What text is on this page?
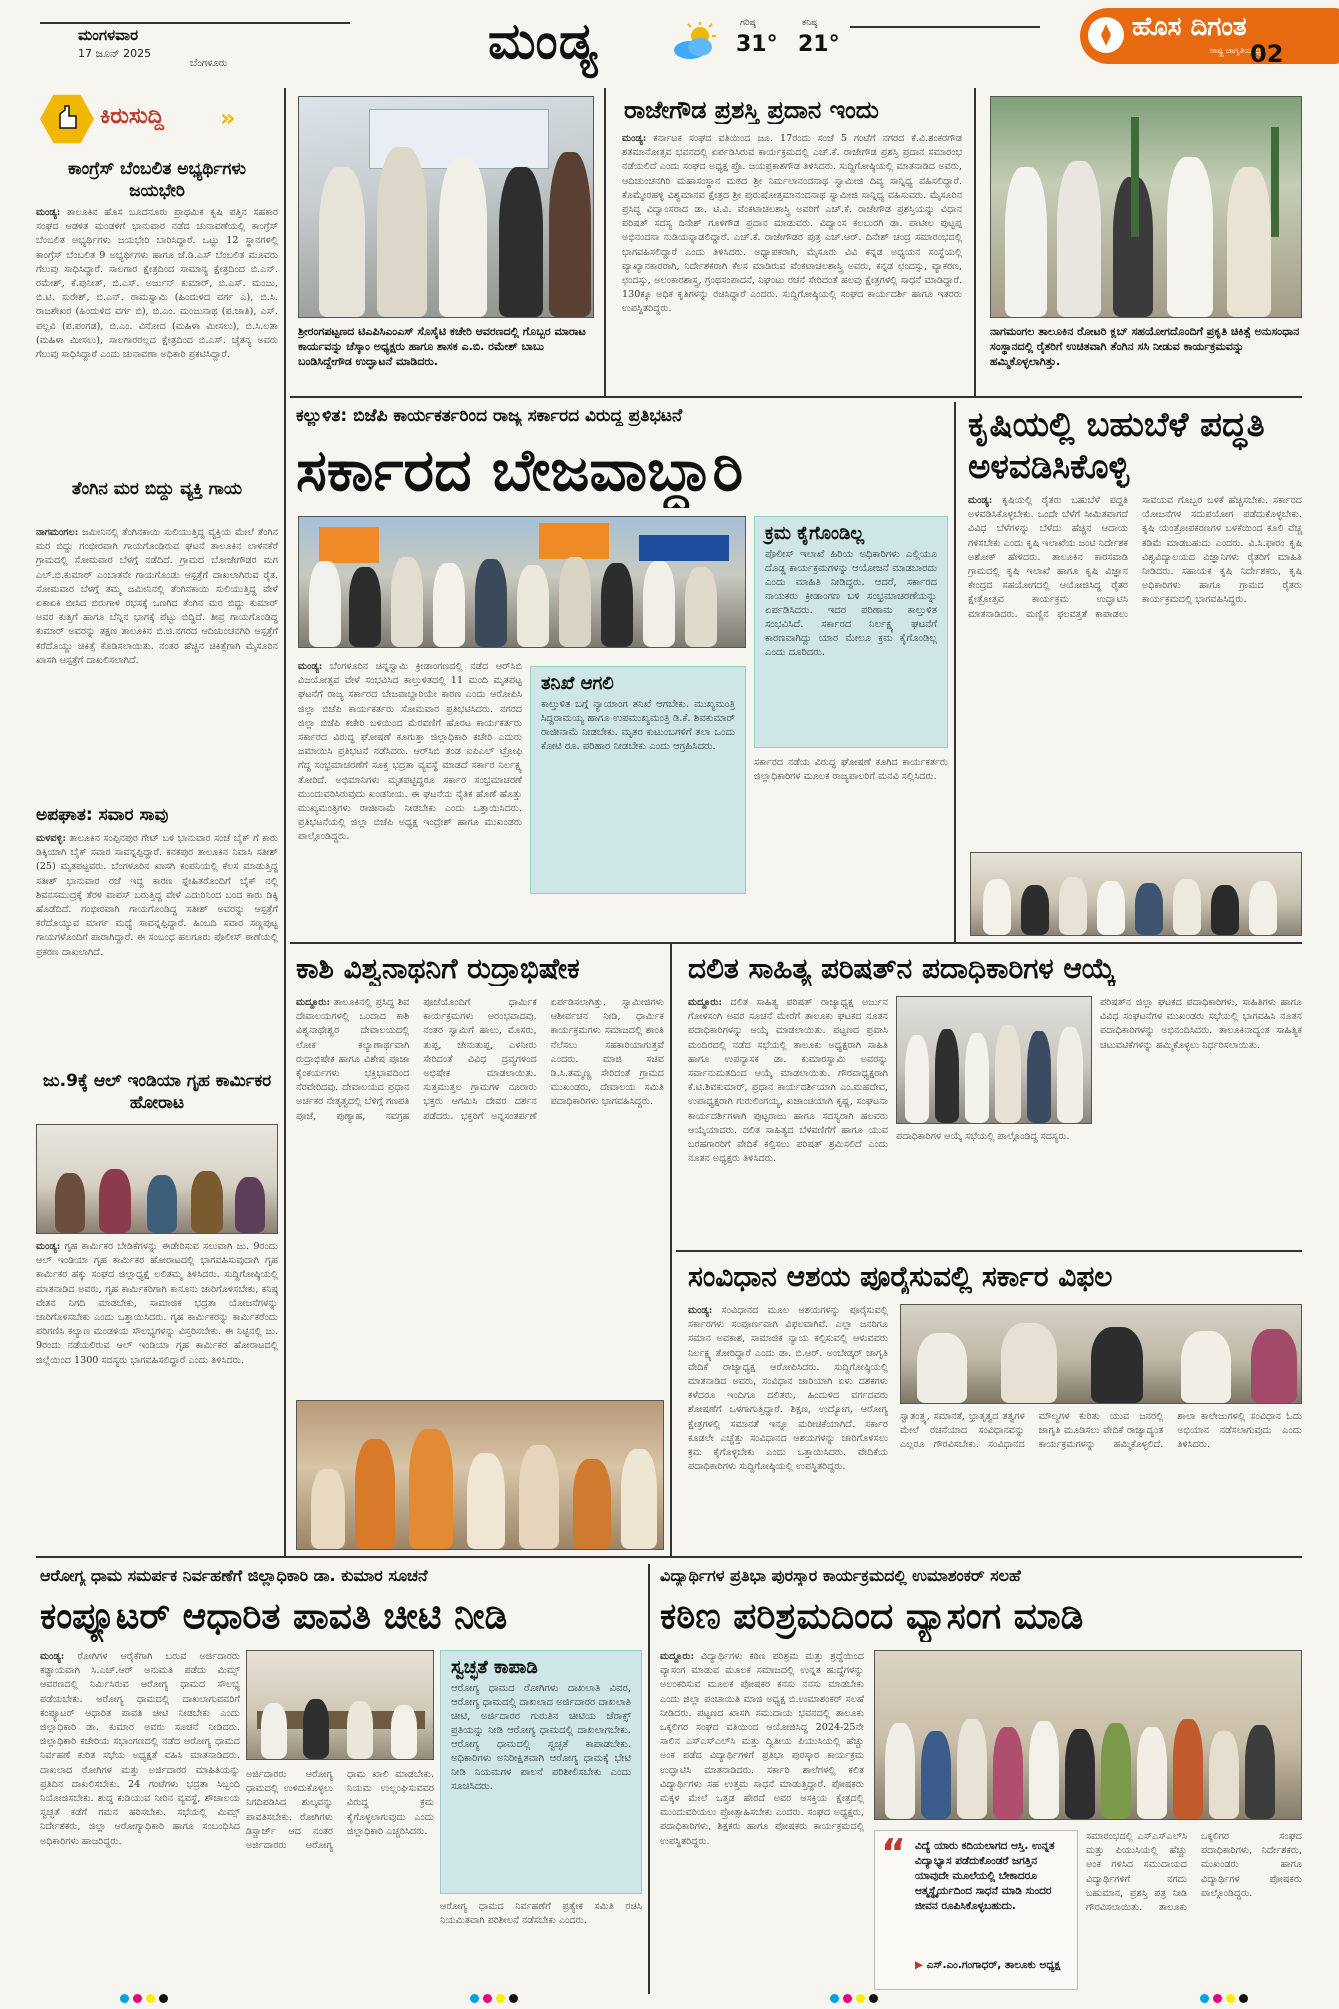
ಮಂಗಳವಾರ
17 ಜೂನ್ 2025
ಬೆಂಗಳೂರು	ಮಂಡ್ಯ	ಗರಿಷ್ಠ
31°
ಕನಿಷ್ಠ
21°
ಹೊಸ ದಿಗಂತ
ರಾಷ್ಟ್ರ ಜಾಗೃತಿಯ ಧ್ವನಿ
02
ಕಿರುಸುದ್ದಿ »
ಕಾಂಗ್ರೆಸ್ ಬೆಂಬಲಿತ ಅಭ್ಯರ್ಥಿಗಳು ಜಯಭೇರಿ
ಮಂಡ್ಯ: ತಾಲೂಕಿನ ಹೊಸ ಬೂದನೂರು ಪ್ರಾಥಮಿಕ ಕೃಷಿ ಪತ್ತಿನ ಸಹಕಾರ ಸಂಘದ ಆಡಳಿತ ಮಂಡಳಿಗೆ ಭಾನುವಾರ ನಡೆದ ಚುನಾವಣೆಯಲ್ಲಿ ಕಾಂಗ್ರೆಸ್ ಬೆಂಬಲಿತ ಅಭ್ಯರ್ಥಿಗಳು ಜಯಭೇರಿ ಬಾರಿಸಿದ್ದಾರೆ. ಒಟ್ಟು 12 ಸ್ಥಾನಗಳಲ್ಲಿ ಕಾಂಗ್ರೆಸ್ ಬೆಂಬಲಿತ 9 ಅಭ್ಯರ್ಥಿಗಳು ಹಾಗೂ ಜೆ.ಡಿ.ಎಸ್ ಬೆಂಬಲಿತ ಮೂವರು ಗೆಲುವು ಸಾಧಿಸಿದ್ದಾರೆ. ಸಾಲಗಾರ ಕ್ಷೇತ್ರದಿಂದ ಸಾಮಾನ್ಯ ಕ್ಷೇತ್ರದಿಂದ ಬಿ.ಎನ್. ರಮೇಶ್, ಕೆ.ಪುನೀತ್, ಬಿ.ಎಸ್. ಅರ್ಜುನ್ ಕುಮಾರ್, ಬಿ.ಎಸ್. ಮಂಜು, ಬಿ.ಟಿ. ಸುರೇಶ್, ಬಿ.ಎನ್. ರಾಮಸ್ವಾಮಿ (ಹಿಂದುಳಿದ ವರ್ಗ ಎ), ಬಿ.ಸಿ. ರಾಜಶೇಖರ (ಹಿಂದುಳಿದ ವರ್ಗ ಬಿ), ಬಿ.ಎಂ. ಮಂಜುನಾಥ (ಪ.ಜಾತಿ), ಎಸ್. ಪಲ್ಲವಿ (ಪ.ಪಂಗಡ), ಬಿ.ಎಂ. ವಿನೋದ (ಮಹಿಳಾ ಮೀಸಲು), ಬಿ.ಸಿ.ಲತಾ (ಮಹಿಳಾ ಮೀಸಲು), ಸಾಲಗಾರರಲ್ಲದ ಕ್ಷೇತ್ರದಿಂದ ಬಿ.ಎಸ್. ಚೈತನ್ಯ ಅವರು ಗೆಲುವು ಸಾಧಿಸಿದ್ದಾರೆ ಎಂದು ಚುನಾವಣಾ ಅಧಿಕಾರಿ ಪ್ರಕಟಿಸಿದ್ದಾರೆ.
ತೆಂಗಿನ ಮರ ಬಿದ್ದು ವ್ಯಕ್ತಿ ಗಾಯ
ನಾಗಮಂಗಲ: ಜಮೀನಿನಲ್ಲಿ ತೆಂಗಿನಕಾಯಿ ಸುಲಿಯುತ್ತಿದ್ದ ವ್ಯಕ್ತಿಯ ಮೇಲೆ ತೆಂಗಿನ ಮರ ಬಿದ್ದು ಗಂಭೀರವಾಗಿ ಗಾಯಗೊಂಡಿರುವ ಘಟನೆ ತಾಲೂಕಿನ ಲಾಳನಕೆರೆ ಗ್ರಾಮದಲ್ಲಿ ಸೋಮವಾರ ಬೆಳಗ್ಗೆ ನಡೆದಿದೆ. ಗ್ರಾಮದ ಬೋಜೇಗೌಡರ ಮಗ ಎಲ್.ಬಿ.ಕುಮಾರ್ ಎಂಬಾತನೇ ಗಾಯಗೊಂಡು ಆಸ್ಪತ್ರೆಗೆ ದಾಖಲಾಗಿರುವ ರೈತ. ಸೋಮವಾರ ಬೆಳಗ್ಗೆ ತಮ್ಮ ಜಮೀನಿನಲ್ಲಿ ತೆಂಗಿನಕಾಯಿ ಸುಲಿಯುತ್ತಿದ್ದ ವೇಳೆ ಏಕಾಏಕಿ ಬೀಸಿದ ಬಿರುಗಾಳಿ ರಭಸಕ್ಕೆ ಒಣಗಿದ ತೆಂಗಿನ ಮರ ಬಿದ್ದು ಕುಮಾರ್ ಅವರ ಕುತ್ತಿಗೆ ಹಾಗೂ ಬೆನ್ನಿನ ಭಾಗಕ್ಕೆ ಪೆಟ್ಟು ಬಿದ್ದಿದೆ. ತೀವ್ರ ಗಾಯಗೊಂಡಿದ್ದ ಕುಮಾರ್ ಅವರನ್ನು ತಕ್ಷಣ ತಾಲೂಕಿನ ಬಿ.ಜಿ.ನಗರದ ಆದಿಚುಂಚನಗಿರಿ ಆಸ್ಪತ್ರೆಗೆ ಕರೆದೊಯ್ದು ಚಿಕಿತ್ಸೆ ಕೊಡಿಸಲಾಯಿತು. ನಂತರ ಹೆಚ್ಚಿನ ಚಿಕಿತ್ಸೆಗಾಗಿ ಮೈಸೂರಿನ ಖಾಸಗಿ ಆಸ್ಪತ್ರೆಗೆ ದಾಖಲಿಸಲಾಗಿದೆ.
ಅಪಘಾತ: ಸವಾರ ಸಾವು
ಮಳವಳ್ಳಿ: ತಾಲೂಕಿನ ಸಂಪ್ಪಿನಪುರ ಗೇಟ್ ಬಳಿ ಭಾನುವಾರ ಸಂಜೆ ಬೈಕ್ ಗೆ ಕಾರು ಡಿಕ್ಕಿಯಾಗಿ ಬೈಕ್ ಸವಾರ ಸಾವನ್ನಪ್ಪಿದ್ದಾರೆ. ಕನಕಪುರ ತಾಲೂಕಿನ ನಿವಾಸಿ ಸತೀಶ್ (25) ಮೃತಪಟ್ಟವರು. ಬೆಂಗಳೂರಿನ ಖಾಸಗಿ ಕಂಪನಿಯಲ್ಲಿ ಕೆಲಸ ಮಾಡುತ್ತಿದ್ದ ಸತೀಶ್ ಭಾನುವಾರ ರಜೆ ಇದ್ದ ಕಾರಣ ಸ್ನೇಹಿತರೊಂದಿಗೆ ಬೈಕ್ ನಲ್ಲಿ ಶಿವನಸಮುದ್ರಕ್ಕೆ ತೆರಳಿ ವಾಪಸ್ ಬರುತ್ತಿದ್ದ ವೇಳೆ ಎದುರಿನಿಂದ ಬಂದ ಕಾರು ಡಿಕ್ಕಿ ಹೊಡೆದಿದೆ. ಗಂಭೀರವಾಗಿ ಗಾಯಗೊಂಡಿದ್ದ ಸತೀಶ್ ಅವರನ್ನು ಆಸ್ಪತ್ರೆಗೆ ಕರೆದೊಯ್ಯುವ ಮಾರ್ಗ ಮಧ್ಯೆ ಸಾವನ್ನಪ್ಪಿದ್ದಾರೆ. ಹಿಂಬದಿ ಸವಾರ ಸಣ್ಣಪುಟ್ಟ ಗಾಯಗಳೊಂದಿಗೆ ಪಾರಾಗಿದ್ದಾರೆ. ಈ ಸಂಬಂಧ ಹಲಗೂರು ಪೊಲೀಸ್ ಠಾಣೆಯಲ್ಲಿ ಪ್ರಕರಣ ದಾಖಲಾಗಿದೆ.
ಜು.9ಕ್ಕೆ ಆಲ್ ಇಂಡಿಯಾ ಗೃಹ ಕಾರ್ಮಿಕರ ಹೋರಾಟ
ಮಂಡ್ಯ: ಗೃಹ ಕಾರ್ಮಿಕರ ಬೇಡಿಕೆಗಳನ್ನು ಈಡೇರಿಸುವ ಸಲುವಾಗಿ ಜು. 9ರಂದು ಆಲ್ ಇಂಡಿಯಾ ಗೃಹ ಕಾರ್ಮಿಕರ ಹೋರಾಟದಲ್ಲಿ ಭಾಗವಹಿಸುವುದಾಗಿ ಗೃಹ ಕಾರ್ಮಿಕರ ಹಕ್ಕು ಸಂಘದ ಜಿಲ್ಲಾಧ್ಯಕ್ಷೆ ಲಲಿತಮ್ಮ ತಿಳಿಸಿದರು. ಸುದ್ದಿಗೋಷ್ಠಿಯಲ್ಲಿ ಮಾತನಾಡಿದ ಅವರು, ಗೃಹ ಕಾರ್ಮಿಕರಿಗಾಗಿ ಕಾನೂನು ಜಾರಿಗೊಳಿಸಬೇಕು, ಕನಿಷ್ಠ ವೇತನ ನಿಗದಿ ಮಾಡಬೇಕು, ಸಾಮಾಜಿಕ ಭದ್ರತಾ ಯೋಜನೆಗಳನ್ನು ಜಾರಿಗೊಳಿಸಬೇಕು ಎಂದು ಒತ್ತಾಯಿಸಿದರು. ಗೃಹ ಕಾರ್ಮಿಕರನ್ನು ಕಾರ್ಮಿಕರೆಂದು ಪರಿಗಣಿಸಿ ಕಲ್ಯಾಣ ಮಂಡಳಿಯ ಸೌಲಭ್ಯಗಳನ್ನು ವಿಸ್ತರಿಸಬೇಕು. ಈ ನಿಟ್ಟಿನಲ್ಲಿ ಜು. 9ರಂದು ನಡೆಯಲಿರುವ ಆಲ್ ಇಂಡಿಯಾ ಗೃಹ ಕಾರ್ಮಿಕರ ಹೋರಾಟದಲ್ಲಿ ಜಿಲ್ಲೆಯಿಂದ 1300 ಸದಸ್ಯರು ಭಾಗವಹಿಸಲಿದ್ದಾರೆ ಎಂದು ತಿಳಿಸಿದರು.
ಶ್ರೀರಂಗಪಟ್ಟಣದ ಟಿಎಪಿಸಿಎಂಎಸ್ ಸೊಸೈಟಿ ಕಚೇರಿ ಆವರಣದಲ್ಲಿ ಗೊಬ್ಬರ ಮಾರಾಟ ಕಾರ್ಯವನ್ನು ಚೆಸ್ಕಾಂ ಅಧ್ಯಕ್ಷರು ಹಾಗೂ ಶಾಸಕ ಎ.ಬಿ. ರಮೇಶ್ ಬಾಬು ಬಂಡಿಸಿದ್ದೇಗೌಡ ಉದ್ಘಾಟನೆ ಮಾಡಿದರು.
ರಾಜೇಗೌಡ ಪ್ರಶಸ್ತಿ ಪ್ರದಾನ ಇಂದು
ಮಂಡ್ಯ: ಕರ್ನಾಟಕ ಸಂಘದ ವತಿಯಿಂದ ಜೂ. 17ರಂದು ಸಂಜೆ 5 ಗಂಟೆಗೆ ನಗರದ ಕೆ.ವಿ.ಶಂಕರಗೌಡ ಶತಮಾನೋತ್ಸವ ಭವನದಲ್ಲಿ ಏರ್ಪಡಿಸಿರುವ ಕಾರ್ಯಕ್ರಮದಲ್ಲಿ ಎಚ್.ಕೆ. ರಾಜೇಗೌಡ ಪ್ರಶಸ್ತಿ ಪ್ರದಾನ ಸಮಾರಂಭ ನಡೆಯಲಿದೆ ಎಂದು ಸಂಘದ ಅಧ್ಯಕ್ಷ ಪ್ರೊ. ಜಯಪ್ರಕಾಶಗೌಡ ತಿಳಿಸಿದರು. ಸುದ್ದಿಗೋಷ್ಠಿಯಲ್ಲಿ ಮಾತನಾಡಿದ ಅವರು, ಆದಿಚುಂಚನಗಿರಿ ಮಹಾಸಂಸ್ಥಾನ ಮಠದ ಶ್ರೀ ನಿರ್ಮಲಾನಂದನಾಥ ಸ್ವಾಮೀಜಿ ದಿವ್ಯ ಸಾನ್ನಿಧ್ಯ ವಹಿಸಲಿದ್ದಾರೆ. ಕೊಮ್ಮೇರಹಳ್ಳಿ ವಿಶ್ವಮಾನವ ಕ್ಷೇತ್ರದ ಶ್ರೀ ಪುರುಷೋತ್ತಮಾನಂದನಾಥ ಸ್ವಾಮೀಜಿ ಸಾನ್ನಿಧ್ಯ ವಹಿಸುವರು. ಮೈಸೂರಿನ ಪ್ರಸಿದ್ಧ ವಿದ್ವಾಂಸರಾದ ಡಾ. ಟಿ.ವಿ. ವೆಂಕಟಾಚಲಶಾಸ್ತ್ರಿ ಅವರಿಗೆ ಎಚ್.ಕೆ. ರಾಜೇಗೌಡ ಪ್ರಶಸ್ತಿಯನ್ನು ವಿಧಾನ ಪರಿಷತ್ ಸದಸ್ಯ ದಿನೇಶ್ ಗೂಳಿಗೌಡ ಪ್ರದಾನ ಮಾಡುವರು. ವಿದ್ವಾಂಸ ಕಲಬುರಗಿ ಡಾ. ಪಾಟೀಲ ಪುಟ್ಟಪ್ಪ ಅಭಿನಂದನಾ ನುಡಿಯನ್ನಾಡಲಿದ್ದಾರೆ. ಎಚ್.ಕೆ. ರಾಜೇಗೌಡರ ಪುತ್ರ ಎಚ್.ಆರ್. ದಿನೇಶ್ ಚಂದ್ರ ಸಮಾರಂಭದಲ್ಲಿ ಭಾಗವಹಿಸಲಿದ್ದಾರೆ ಎಂದು ತಿಳಿಸಿದರು. ಅಧ್ಯಾಪಕರಾಗಿ, ಮೈಸೂರು ವಿವಿ ಕನ್ನಡ ಅಧ್ಯಯನ ಸಂಸ್ಥೆಯಲ್ಲಿ ವ್ಯಾಖ್ಯಾನಕಾರರಾಗಿ, ನಿರ್ದೇಶಕರಾಗಿ ಕೆಲಸ ಮಾಡಿರುವ ವೆಂಕಟಾಚಲಶಾಸ್ತ್ರಿ ಅವರು, ಕನ್ನಡ ಛಂದಸ್ಸು, ವ್ಯಾಕರಣ, ಛಂದಸ್ಸು, ಅಲಂಕಾರಶಾಸ್ತ್ರ, ಗ್ರಂಥಸಂಪಾದನೆ, ನಿಘಂಟು ರಚನೆ ಸೇರಿದಂತೆ ಹಲವು ಕ್ಷೇತ್ರಗಳಲ್ಲಿ ಸಾಧನೆ ಮಾಡಿದ್ದಾರೆ. 130ಕ್ಕೂ ಅಧಿಕ ಕೃತಿಗಳನ್ನು ರಚಿಸಿದ್ದಾರೆ ಎಂದರು. ಸುದ್ದಿಗೋಷ್ಠಿಯಲ್ಲಿ ಸಂಘದ ಕಾರ್ಯದರ್ಶಿ ಹಾಗೂ ಇತರರು ಉಪಸ್ಥಿತರಿದ್ದರು.
ನಾಗಮಂಗಲ ತಾಲೂಕಿನ ರೋಟರಿ ಕ್ಲಬ್ ಸಹಯೋಗದೊಂದಿಗೆ ಪ್ರಕೃತಿ ಚಿಕಿತ್ಸೆ ಅನುಸಂಧಾನ ಸಂಸ್ಥಾನದಲ್ಲಿ ರೈತರಿಗೆ ಉಚಿತವಾಗಿ ತೆಂಗಿನ ಸಸಿ ನೀಡುವ ಕಾರ್ಯಕ್ರಮವನ್ನು ಹಮ್ಮಿಕೊಳ್ಳಲಾಗಿತ್ತು.
ಕಲ್ಲುಳಿತ: ಬಿಜೆಪಿ ಕಾರ್ಯಕರ್ತರಿಂದ ರಾಜ್ಯ ಸರ್ಕಾರದ ವಿರುದ್ಧ ಪ್ರತಿಭಟನೆ
ಸರ್ಕಾರದ ಬೇಜವಾಬ್ದಾರಿ
ಕ್ರಮ ಕೈಗೊಂಡಿಲ್ಲ
ಪೊಲೀಸ್ ಇಲಾಖೆ ಹಿರಿಯ ಅಧಿಕಾರಿಗಳು ಎಲ್ಲಿಯೂ ದೊಡ್ಡ ಕಾರ್ಯಕ್ರಮಗಳನ್ನು ಆಯೋಜನೆ ಮಾಡಬಾರದು ಎಂದು ಮಾಹಿತಿ ನೀಡಿದ್ದರು. ಆದರೆ, ಸರ್ಕಾರದ ನಾಯಕರು ಕ್ರೀಡಾಂಗಣ ಬಳಿ ಸಂಭ್ರಮಾಚರಣೆಯನ್ನು ಏರ್ಪಡಿಸಿದರು. ಇದರ ಪರಿಣಾಮ ಕಾಲ್ತುಳಿತ ಸಂಭವಿಸಿದೆ. ಸರ್ಕಾರದ ನಿರ್ಲಕ್ಷ್ಯ ಘಟನೆಗೆ ಕಾರಣವಾಗಿದ್ದು ಯಾರ ಮೇಲೂ ಕ್ರಮ ಕೈಗೊಂಡಿಲ್ಲ ಎಂದು ದೂರಿದರು.
ತನಿಖೆ ಆಗಲಿ
ಕಾಲ್ತುಳಿತ ಬಗ್ಗೆ ನ್ಯಾಯಾಂಗ ತನಿಖೆ ಆಗಬೇಕು. ಮುಖ್ಯಮಂತ್ರಿ ಸಿದ್ದರಾಮಯ್ಯ ಹಾಗೂ ಉಪಮುಖ್ಯಮಂತ್ರಿ ಡಿ.ಕೆ. ಶಿವಕುಮಾರ್ ರಾಜೀನಾಮೆ ನೀಡಬೇಕು. ಮೃತರ ಕುಟುಂಬಗಳಿಗೆ ತಲಾ ಒಂದು ಕೋಟಿ ರೂ. ಪರಿಹಾರ ನೀಡಬೇಕು ಎಂದು ಆಗ್ರಹಿಸಿದರು.
ಮಂಡ್ಯ: ಬೆಂಗಳೂರಿನ ಚಿನ್ನಸ್ವಾಮಿ ಕ್ರೀಡಾಂಗಣದಲ್ಲಿ ನಡೆದ ಆರ್‌ಸಿಬಿ ವಿಜಯೋತ್ಸವ ವೇಳೆ ಸಂಭವಿಸಿದ ಕಾಲ್ತುಳಿತದಲ್ಲಿ 11 ಮಂದಿ ಮೃತಪಟ್ಟ ಘಟನೆಗೆ ರಾಜ್ಯ ಸರ್ಕಾರದ ಬೇಜವಾಬ್ದಾರಿಯೇ ಕಾರಣ ಎಂದು ಆರೋಪಿಸಿ ಜಿಲ್ಲಾ ಬಿಜೆಪಿ ಕಾರ್ಯಕರ್ತರು ಸೋಮವಾರ ಪ್ರತಿಭಟಿಸಿದರು. ನಗರದ ಜಿಲ್ಲಾ ಬಿಜೆಪಿ ಕಚೇರಿ ಬಳಿಯಿಂದ ಮೆರವಣಿಗೆ ಹೊರಟ ಕಾರ್ಯಕರ್ತರು ಸರ್ಕಾರದ ವಿರುದ್ಧ ಘೋಷಣೆ ಕೂಗುತ್ತಾ ಜಿಲ್ಲಾಧಿಕಾರಿ ಕಚೇರಿ ಎದುರು ಜಮಾಯಿಸಿ ಪ್ರತಿಭಟನೆ ನಡೆಸಿದರು. ಆರ್‌ಸಿಬಿ ತಂಡ ಐಪಿಎಲ್ ಟ್ರೋಫಿ ಗೆದ್ದ ಸಂಭ್ರಮಾಚರಣೆಗೆ ಸೂಕ್ತ ಭದ್ರತಾ ವ್ಯವಸ್ಥೆ ಮಾಡದೆ ಸರ್ಕಾರ ನಿರ್ಲಕ್ಷ್ಯ ತೋರಿದೆ. ಅಭಿಮಾನಿಗಳು ಮೃತಪಟ್ಟಿದ್ದರೂ ಸರ್ಕಾರ ಸಂಭ್ರಮಾಚರಣೆ ಮುಂದುವರಿಸಿರುವುದು ಖಂಡನೀಯ. ಈ ಘಟನೆಯ ನೈತಿಕ ಹೊಣೆ ಹೊತ್ತು ಮುಖ್ಯಮಂತ್ರಿಗಳು ರಾಜೀನಾಮೆ ನೀಡಬೇಕು ಎಂದು ಒತ್ತಾಯಿಸಿದರು. ಪ್ರತಿಭಟನೆಯಲ್ಲಿ ಜಿಲ್ಲಾ ಬಿಜೆಪಿ ಅಧ್ಯಕ್ಷ ಇಂದ್ರೇಶ್ ಹಾಗೂ ಮುಖಂಡರು ಪಾಲ್ಗೊಂಡಿದ್ದರು.
ಸರ್ಕಾರದ ನಡೆಯ ವಿರುದ್ಧ ಘೋಷಣೆ ಕೂಗಿದ ಕಾರ್ಯಕರ್ತರು ಜಿಲ್ಲಾಧಿಕಾರಿಗಳ ಮೂಲಕ ರಾಜ್ಯಪಾಲರಿಗೆ ಮನವಿ ಸಲ್ಲಿಸಿದರು.
ಕೃಷಿಯಲ್ಲಿ ಬಹುಬೆಳೆ ಪದ್ಧತಿ ಅಳವಡಿಸಿಕೊಳ್ಳಿ
ಮಂಡ್ಯ: ಕೃಷಿಯಲ್ಲಿ ರೈತರು ಬಹುಬೆಳೆ ಪದ್ಧತಿ ಅಳವಡಿಸಿಕೊಳ್ಳಬೇಕು. ಒಂದೇ ಬೆಳೆಗೆ ಸೀಮಿತವಾಗದೆ ವಿವಿಧ ಬೆಳೆಗಳನ್ನು ಬೆಳೆದು ಹೆಚ್ಚಿನ ಆದಾಯ ಗಳಿಸಬೇಕು ಎಂದು ಕೃಷಿ ಇಲಾಖೆಯ ಜಂಟಿ ನಿರ್ದೇಶಕ ಅಶೋಕ್ ಹೇಳಿದರು. ತಾಲೂಕಿನ ಕಾರಸವಾಡಿ ಗ್ರಾಮದಲ್ಲಿ ಕೃಷಿ ಇಲಾಖೆ ಹಾಗೂ ಕೃಷಿ ವಿಜ್ಞಾನ ಕೇಂದ್ರದ ಸಹಯೋಗದಲ್ಲಿ ಆಯೋಜಿಸಿದ್ದ ರೈತರ ಕ್ಷೇತ್ರೋತ್ಸವ ಕಾರ್ಯಕ್ರಮ ಉದ್ಘಾಟಿಸಿ ಮಾತನಾಡಿದರು. ಮಣ್ಣಿನ ಫಲವತ್ತತೆ ಕಾಪಾಡಲು ಸಾವಯವ ಗೊಬ್ಬರ ಬಳಕೆ ಹೆಚ್ಚಿಸಬೇಕು. ಸರ್ಕಾರದ ಯೋಜನೆಗಳ ಸದುಪಯೋಗ ಪಡೆದುಕೊಳ್ಳಬೇಕು. ಕೃಷಿ ಯಂತ್ರೋಪಕರಣಗಳ ಬಳಕೆಯಿಂದ ಕೂಲಿ ವೆಚ್ಚ ಕಡಿಮೆ ಮಾಡಬಹುದು ಎಂದರು. ವಿ.ಸಿ.ಫಾರಂ ಕೃಷಿ ವಿಶ್ವವಿದ್ಯಾಲಯದ ವಿಜ್ಞಾನಿಗಳು ರೈತರಿಗೆ ಮಾಹಿತಿ ನೀಡಿದರು. ಸಹಾಯಕ ಕೃಷಿ ನಿರ್ದೇಶಕರು, ಕೃಷಿ ಅಧಿಕಾರಿಗಳು ಹಾಗೂ ಗ್ರಾಮದ ರೈತರು ಕಾರ್ಯಕ್ರಮದಲ್ಲಿ ಭಾಗವಹಿಸಿದ್ದರು.
ಕಾಶಿ ವಿಶ್ವನಾಥನಿಗೆ ರುದ್ರಾಭಿಷೇಕ
ಮದ್ದೂರು: ತಾಲೂಕಿನಲ್ಲಿ ಪ್ರಸಿದ್ಧ ಶಿವ ದೇವಾಲಯಗಳಲ್ಲಿ ಒಂದಾದ ಕಾಶಿ ವಿಶ್ವನಾಥೇಶ್ವರ ದೇವಾಲಯದಲ್ಲಿ ಲೋಕ ಕಲ್ಯಾಣಾರ್ಥವಾಗಿ ರುದ್ರಾಭಿಷೇಕ ಹಾಗೂ ವಿಶೇಷ ಪೂಜಾ ಕೈಂಕರ್ಯಗಳು ಭಕ್ತಿಭಾವದಿಂದ ನೆರವೇರಿದವು. ದೇವಾಲಯದ ಪ್ರಧಾನ ಅರ್ಚಕರ ನೇತೃತ್ವದಲ್ಲಿ ಬೆಳಿಗ್ಗೆ ಗಣಪತಿ ಪೂಜೆ, ಪುಣ್ಯಾಹ, ನವಗ್ರಹ ಪೂಜೆಯೊಂದಿಗೆ ಧಾರ್ಮಿಕ ಕಾರ್ಯಕ್ರಮಗಳು ಆರಂಭವಾದವು. ನಂತರ ಸ್ವಾಮಿಗೆ ಹಾಲು, ಮೊಸರು, ತುಪ್ಪ, ಜೇನುತುಪ್ಪ, ಎಳನೀರು ಸೇರಿದಂತೆ ವಿವಿಧ ದ್ರವ್ಯಗಳಿಂದ ಅಭಿಷೇಕ ಮಾಡಲಾಯಿತು. ಸುತ್ತಮುತ್ತಲ ಗ್ರಾಮಗಳ ನೂರಾರು ಭಕ್ತರು ಆಗಮಿಸಿ ದೇವರ ದರ್ಶನ ಪಡೆದರು. ಭಕ್ತರಿಗೆ ಅನ್ನಸಂತರ್ಪಣೆ ಏರ್ಪಡಿಸಲಾಗಿತ್ತು. ಸ್ವಾಮೀಜಿಗಳು ಆಶೀರ್ವಚನ ನೀಡಿ, ಧಾರ್ಮಿಕ ಕಾರ್ಯಕ್ರಮಗಳು ಸಮಾಜದಲ್ಲಿ ಶಾಂತಿ ನೆಲೆಸಲು ಸಹಕಾರಿಯಾಗುತ್ತವೆ ಎಂದರು. ಮಾಜಿ ಸಚಿವ ಡಿ.ಸಿ.ತಮ್ಮಣ್ಣ ಸೇರಿದಂತೆ ಗ್ರಾಮದ ಮುಖಂಡರು, ದೇವಾಲಯ ಸಮಿತಿ ಪದಾಧಿಕಾರಿಗಳು ಭಾಗವಹಿಸಿದ್ದರು.
ದಲಿತ ಸಾಹಿತ್ಯ ಪರಿಷತ್‌ನ ಪದಾಧಿಕಾರಿಗಳ ಆಯ್ಕೆ
ಮದ್ದೂರು: ದಲಿತ ಸಾಹಿತ್ಯ ಪರಿಷತ್ ರಾಜ್ಯಾಧ್ಯಕ್ಷ ಅರ್ಜುನ ಗೋಳಸಂಗಿ ಅವರ ಸೂಚನೆ ಮೇರೆಗೆ ತಾಲೂಕು ಘಟಕದ ನೂತನ ಪದಾಧಿಕಾರಿಗಳನ್ನು ಆಯ್ಕೆ ಮಾಡಲಾಯಿತು. ಪಟ್ಟಣದ ಪ್ರವಾಸಿ ಮಂದಿರದಲ್ಲಿ ನಡೆದ ಸಭೆಯಲ್ಲಿ ತಾಲೂಕು ಅಧ್ಯಕ್ಷರಾಗಿ ಸಾಹಿತಿ ಹಾಗೂ ಉಪನ್ಯಾಸಕ ಡಾ. ಕುಮಾರಸ್ವಾಮಿ ಅವರನ್ನು ಸರ್ವಾನುಮತದಿಂದ ಆಯ್ಕೆ ಮಾಡಲಾಯಿತು. ಗೌರವಾಧ್ಯಕ್ಷರಾಗಿ ಕೆ.ಟಿ.ಶಿವಕುಮಾರ್, ಪ್ರಧಾನ ಕಾರ್ಯದರ್ಶಿಯಾಗಿ ಎಂ.ಮಹದೇವ, ಉಪಾಧ್ಯಕ್ಷರಾಗಿ ಗುರುಲಿಂಗಯ್ಯ, ಖಜಾಂಚಿಯಾಗಿ ಕೃಷ್ಣ, ಸಂಘಟನಾ ಕಾರ್ಯದರ್ಶಿಗಳಾಗಿ ಪುಟ್ಟರಾಜು ಹಾಗೂ ಸದಸ್ಯರಾಗಿ ಹಲವರು ಆಯ್ಕೆಯಾದರು. ದಲಿತ ಸಾಹಿತ್ಯದ ಬೆಳವಣಿಗೆಗೆ ಹಾಗೂ ಯುವ ಬರಹಗಾರರಿಗೆ ವೇದಿಕೆ ಕಲ್ಪಿಸಲು ಪರಿಷತ್ ಶ್ರಮಿಸಲಿದೆ ಎಂದು ನೂತನ ಅಧ್ಯಕ್ಷರು ತಿಳಿಸಿದರು.
ಪರಿಷತ್‌ನ ಜಿಲ್ಲಾ ಘಟಕದ ಪದಾಧಿಕಾರಿಗಳು, ಸಾಹಿತಿಗಳು ಹಾಗೂ ವಿವಿಧ ಸಂಘಟನೆಗಳ ಮುಖಂಡರು ಸಭೆಯಲ್ಲಿ ಭಾಗವಹಿಸಿ ನೂತನ ಪದಾಧಿಕಾರಿಗಳನ್ನು ಅಭಿನಂದಿಸಿದರು. ತಾಲೂಕಿನಾದ್ಯಂತ ಸಾಹಿತ್ಯಿಕ ಚಟುವಟಿಕೆಗಳನ್ನು ಹಮ್ಮಿಕೊಳ್ಳಲು ನಿರ್ಧರಿಸಲಾಯಿತು.
ಪದಾಧಿಕಾರಿಗಳ ಆಯ್ಕೆ ಸಭೆಯಲ್ಲಿ ಪಾಲ್ಗೊಂಡಿದ್ದ ಸದಸ್ಯರು.
ಸಂವಿಧಾನ ಆಶಯ ಪೂರೈಸುವಲ್ಲಿ ಸರ್ಕಾರ ವಿಫಲ
ಮಂಡ್ಯ: ಸಂವಿಧಾನದ ಮೂಲ ಆಶಯಗಳನ್ನು ಪೂರೈಸುವಲ್ಲಿ ಸರ್ಕಾರಗಳು ಸಂಪೂರ್ಣವಾಗಿ ವಿಫಲವಾಗಿವೆ. ಎಲ್ಲಾ ಜನರಿಗೂ ಸಮಾನ ಅವಕಾಶ, ಸಾಮಾಜಿಕ ನ್ಯಾಯ ಕಲ್ಪಿಸುವಲ್ಲಿ ಆಳುವವರು ನಿರ್ಲಕ್ಷ್ಯ ತೋರಿದ್ದಾರೆ ಎಂದು ಡಾ. ಬಿ.ಆರ್. ಅಂಬೇಡ್ಕರ್ ಜಾಗೃತಿ ವೇದಿಕೆ ರಾಜ್ಯಾಧ್ಯಕ್ಷ ಆರೋಪಿಸಿದರು. ಸುದ್ದಿಗೋಷ್ಠಿಯಲ್ಲಿ ಮಾತನಾಡಿದ ಅವರು, ಸಂವಿಧಾನ ಜಾರಿಯಾಗಿ ಏಳು ದಶಕಗಳು ಕಳೆದರೂ ಇಂದಿಗೂ ದಲಿತರು, ಹಿಂದುಳಿದ ವರ್ಗದವರು ಶೋಷಣೆಗೆ ಒಳಗಾಗುತ್ತಿದ್ದಾರೆ. ಶಿಕ್ಷಣ, ಉದ್ಯೋಗ, ಆರೋಗ್ಯ ಕ್ಷೇತ್ರಗಳಲ್ಲಿ ಸಮಾನತೆ ಇನ್ನೂ ಮರೀಚಿಕೆಯಾಗಿದೆ. ಸರ್ಕಾರ ಕೂಡಲೇ ಎಚ್ಚೆತ್ತು ಸಂವಿಧಾನದ ಆಶಯಗಳನ್ನು ಜಾರಿಗೊಳಿಸಲು ಕ್ರಮ ಕೈಗೊಳ್ಳಬೇಕು ಎಂದು ಒತ್ತಾಯಿಸಿದರು. ವೇದಿಕೆಯ ಪದಾಧಿಕಾರಿಗಳು ಸುದ್ದಿಗೋಷ್ಠಿಯಲ್ಲಿ ಉಪಸ್ಥಿತರಿದ್ದರು.
ಸ್ವಾತಂತ್ರ್ಯ, ಸಮಾನತೆ, ಭ್ರಾತೃತ್ವದ ತತ್ವಗಳ ಮೇಲೆ ರಚನೆಯಾದ ಸಂವಿಧಾನವನ್ನು ಎಲ್ಲರೂ ಗೌರವಿಸಬೇಕು. ಸಂವಿಧಾನದ ಮೌಲ್ಯಗಳ ಕುರಿತು ಯುವ ಜನರಲ್ಲಿ ಜಾಗೃತಿ ಮೂಡಿಸಲು ವೇದಿಕೆ ರಾಜ್ಯಾದ್ಯಂತ ಕಾರ್ಯಕ್ರಮಗಳನ್ನು ಹಮ್ಮಿಕೊಳ್ಳಲಿದೆ. ಶಾಲಾ ಕಾಲೇಜುಗಳಲ್ಲಿ ಸಂವಿಧಾನ ಓದು ಅಭಿಯಾನ ನಡೆಸಲಾಗುವುದು ಎಂದು ತಿಳಿಸಿದರು.
ಆರೋಗ್ಯ ಧಾಮ ಸಮರ್ಪಕ ನಿರ್ವಹಣೆಗೆ ಜಿಲ್ಲಾಧಿಕಾರಿ ಡಾ. ಕುಮಾರ ಸೂಚನೆ
ಕಂಪ್ಯೂಟರ್ ಆಧಾರಿತ ಪಾವತಿ ಚೀಟಿ ನೀಡಿ
ಮಂಡ್ಯ: ರೋಗಿಗಳ ಆರೈಕೆಗಾಗಿ ಬರುವ ಅರ್ಜಿದಾರರು ಕಡ್ಡಾಯವಾಗಿ ಸಿ.ಎಚ್.ಆರ್ ಅನುಮತಿ ಪಡೆದು ಮಿಮ್ಸ್ ಆವರಣದಲ್ಲಿ ನಿರ್ಮಿಸಿರುವ ಆರೋಗ್ಯ ಧಾಮದ ಸೌಲಭ್ಯ ಪಡೆಯಬೇಕು. ಆರೋಗ್ಯ ಧಾಮದಲ್ಲಿ ದಾಖಲಾಗುವವರಿಗೆ ಕಂಪ್ಯೂಟರ್ ಆಧಾರಿತ ಪಾವತಿ ಚೀಟಿ ನೀಡಬೇಕು ಎಂದು ಜಿಲ್ಲಾಧಿಕಾರಿ ಡಾ. ಕುಮಾರ ಅವರು ಸೂಚನೆ ನೀಡಿದರು. ಜಿಲ್ಲಾಧಿಕಾರಿ ಕಚೇರಿಯ ಸಭಾಂಗಣದಲ್ಲಿ ನಡೆದ ಆರೋಗ್ಯ ಧಾಮದ ನಿರ್ವಹಣೆ ಕುರಿತ ಸಭೆಯ ಅಧ್ಯಕ್ಷತೆ ವಹಿಸಿ ಮಾತನಾಡಿದರು. ದಾಖಲಾದ ರೋಗಿಗಳ ಮತ್ತು ಅರ್ಜಿದಾರರ ಮಾಹಿತಿಯನ್ನು ಪ್ರತಿದಿನ ದಾಖಲಿಸಬೇಕು. 24 ಗಂಟೆಗಳು ಭದ್ರತಾ ಸಿಬ್ಬಂದಿ ನಿಯೋಜಿಸಬೇಕು. ಶುದ್ಧ ಕುಡಿಯುವ ನೀರಿನ ವ್ಯವಸ್ಥೆ, ಶೌಚಾಲಯ ಸ್ವಚ್ಛತೆ ಕಡೆಗೆ ಗಮನ ಹರಿಸಬೇಕು. ಸಭೆಯಲ್ಲಿ ಮಿಮ್ಸ್ ನಿರ್ದೇಶಕರು, ಜಿಲ್ಲಾ ಆರೋಗ್ಯಾಧಿಕಾರಿ ಹಾಗೂ ಸಂಬಂಧಿಸಿದ ಅಧಿಕಾರಿಗಳು ಹಾಜರಿದ್ದರು.
ಸ್ವಚ್ಛತೆ ಕಾಪಾಡಿ
ಆರೋಗ್ಯ ಧಾಮದ ರೋಗಿಗಳು ದಾಖಲಾತಿ ವಿವರ, ಆರೋಗ್ಯ ಧಾಮದಲ್ಲಿ ದಾಖಲಾದ ಅರ್ಜಿದಾರರ ದಾಖಲಾತಿ ಚೀಟಿ, ಅರ್ಜಿದಾರರ ಗುರುತಿನ ಚೀಟಿಯ ಜೆರಾಕ್ಸ್ ಪ್ರತಿಯನ್ನು ನೀಡಿ ಆರೋಗ್ಯ ಧಾಮದಲ್ಲಿ ದಾಖಲಾಗಬೇಕು. ಆರೋಗ್ಯ ಧಾಮದಲ್ಲಿ ಸ್ವಚ್ಛತೆ ಕಾಪಾಡಬೇಕು. ಅಧಿಕಾರಿಗಳು ಅನಿರೀಕ್ಷಿತವಾಗಿ ಆರೋಗ್ಯ ಧಾಮಕ್ಕೆ ಭೇಟಿ ನೀಡಿ ನಿಯಮಗಳ ಪಾಲನೆ ಪರಿಶೀಲಿಸಬೇಕು ಎಂದು ಸೂಚಿಸಿದರು.
ಅರ್ಜಿದಾರರು ಆರೋಗ್ಯ ಧಾಮದಲ್ಲಿ ಉಳಿದುಕೊಳ್ಳಲು ನಿಗದಿಪಡಿಸಿದ ಶುಲ್ಕವನ್ನು ಪಾವತಿಸಬೇಕು. ರೋಗಿಗಳು ಡಿಸ್ಚಾರ್ಜ್ ಆದ ನಂತರ ಅರ್ಜಿದಾರರು ಆರೋಗ್ಯ ಧಾಮ ಖಾಲಿ ಮಾಡಬೇಕು. ನಿಯಮ ಉಲ್ಲಂಘಿಸುವವರ ವಿರುದ್ಧ ಕ್ರಮ ಕೈಗೊಳ್ಳಲಾಗುವುದು ಎಂದು ಜಿಲ್ಲಾಧಿಕಾರಿ ಎಚ್ಚರಿಸಿದರು.
ಆರೋಗ್ಯ ಧಾಮದ ನಿರ್ವಹಣೆಗೆ ಪ್ರತ್ಯೇಕ ಸಮಿತಿ ರಚಿಸಿ ನಿಯಮಿತವಾಗಿ ಪರಿಶೀಲನೆ ನಡೆಸಬೇಕು ಎಂದರು.
ವಿದ್ಯಾರ್ಥಿಗಳ ಪ್ರತಿಭಾ ಪುರಸ್ಕಾರ ಕಾರ್ಯಕ್ರಮದಲ್ಲಿ ಉಮಾಶಂಕರ್ ಸಲಹೆ
ಕಠಿಣ ಪರಿಶ್ರಮದಿಂದ ವ್ಯಾಸಂಗ ಮಾಡಿ
ಮದ್ದೂರು: ವಿದ್ಯಾರ್ಥಿಗಳು ಕಠಿಣ ಪರಿಶ್ರಮ ಮತ್ತು ಶ್ರದ್ಧೆಯಿಂದ ವ್ಯಾಸಂಗ ಮಾಡುವ ಮೂಲಕ ಸಮಾಜದಲ್ಲಿ ಉನ್ನತ ಹುದ್ದೆಗಳನ್ನು ಅಲಂಕರಿಸುವ ಮೂಲಕ ಪೋಷಕರ ಕನಸು ನನಸು ಮಾಡಬೇಕು ಎಂದು ಜಿಲ್ಲಾ ಪಂಚಾಯಿತಿ ಮಾಜಿ ಅಧ್ಯಕ್ಷ ಬಿ.ಉಮಾಶಂಕರ್ ಸಲಹೆ ನೀಡಿದರು. ಪಟ್ಟಣದ ಖಾಸಗಿ ಸಮುದಾಯ ಭವನದಲ್ಲಿ ತಾಲೂಕು ಒಕ್ಕಲಿಗರ ಸಂಘದ ವತಿಯಿಂದ ಆಯೋಜಿಸಿದ್ದ 2024-25ನೇ ಸಾಲಿನ ಎಸ್ಎಸ್ಎಲ್‌ಸಿ ಮತ್ತು ದ್ವಿತೀಯ ಪಿಯುಸಿಯಲ್ಲಿ ಹೆಚ್ಚು ಅಂಕ ಪಡೆದ ವಿದ್ಯಾರ್ಥಿಗಳಿಗೆ ಪ್ರತಿಭಾ ಪುರಸ್ಕಾರ ಕಾರ್ಯಕ್ರಮ ಉದ್ಘಾಟಿಸಿ ಮಾತನಾಡಿದರು. ಸರ್ಕಾರಿ ಶಾಲೆಗಳಲ್ಲಿ ಕಲಿತ ವಿದ್ಯಾರ್ಥಿಗಳು ಸಹ ಉತ್ತಮ ಸಾಧನೆ ಮಾಡುತ್ತಿದ್ದಾರೆ. ಪೋಷಕರು ಮಕ್ಕಳ ಮೇಲೆ ಒತ್ತಡ ಹೇರದೆ ಅವರ ಆಸಕ್ತಿಯ ಕ್ಷೇತ್ರದಲ್ಲಿ ಮುಂದುವರಿಯಲು ಪ್ರೋತ್ಸಾಹಿಸಬೇಕು ಎಂದರು. ಸಂಘದ ಅಧ್ಯಕ್ಷರು, ಪದಾಧಿಕಾರಿಗಳು, ಶಿಕ್ಷಕರು ಹಾಗೂ ಪೋಷಕರು ಕಾರ್ಯಕ್ರಮದಲ್ಲಿ ಉಪಸ್ಥಿತರಿದ್ದರು.	“ ವಿದ್ಯೆ ಯಾರು ಕದಿಯಲಾಗದ ಆಸ್ತಿ. ಉನ್ನತ ವಿದ್ಯಾಭ್ಯಾಸ ಪಡೆದುಕೊಂಡರೆ ಜಗತ್ತಿನ ಯಾವುದೇ ಮೂಲೆಯಲ್ಲಿ ಬೇಕಾದರೂ ಆತ್ಮಸ್ಥೈರ್ಯದಿಂದ ಸಾಧನೆ ಮಾಡಿ ಸುಂದರ ಜೀವನ ರೂಪಿಸಿಕೊಳ್ಳಬಹುದು.
▶ ಎಸ್.ಎಂ.ಗಂಗಾಧರ್, ತಾಲೂಕು ಅಧ್ಯಕ್ಷ
ಸಮಾರಂಭದಲ್ಲಿ ಎಸ್ಎಸ್ಎಲ್‌ಸಿ ಮತ್ತು ಪಿಯುಸಿಯಲ್ಲಿ ಹೆಚ್ಚು ಅಂಕ ಗಳಿಸಿದ ಸಮುದಾಯದ ವಿದ್ಯಾರ್ಥಿಗಳಿಗೆ ನಗದು ಬಹುಮಾನ, ಪ್ರಶಸ್ತಿ ಪತ್ರ ನೀಡಿ ಗೌರವಿಸಲಾಯಿತು. ತಾಲೂಕು ಒಕ್ಕಲಿಗರ ಸಂಘದ ಪದಾಧಿಕಾರಿಗಳು, ನಿರ್ದೇಶಕರು, ಮುಖಂಡರು ಹಾಗೂ ವಿದ್ಯಾರ್ಥಿಗಳ ಪೋಷಕರು ಪಾಲ್ಗೊಂಡಿದ್ದರು.
